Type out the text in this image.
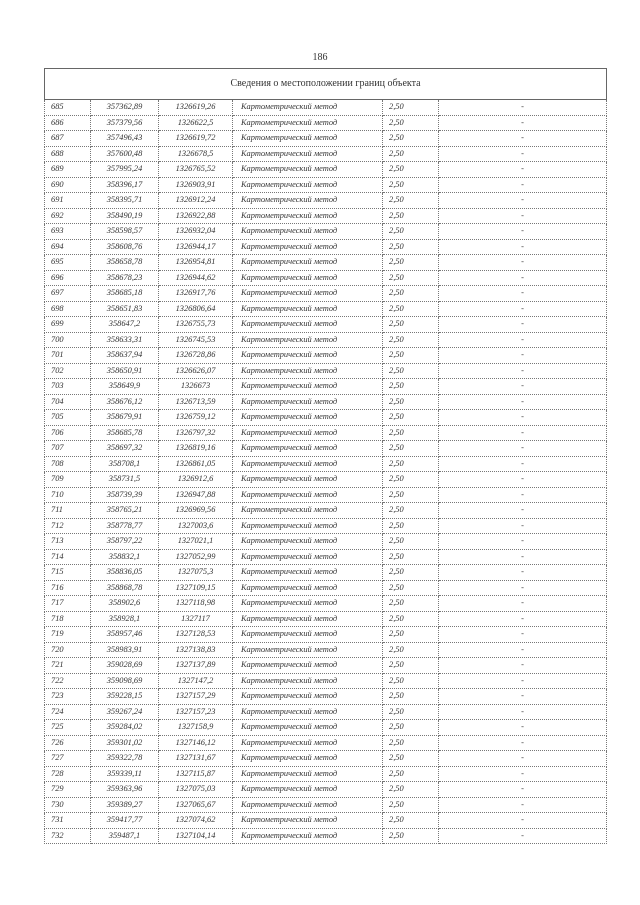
186
Сведения о местоположении границ объекта					
685	357362,89	1326619,26	Картометрический метод	2,50	-
686	357379,56	1326622,5	Картометрический метод	2,50	-
687	357496,43	1326619,72	Картометрический метод	2,50	-
688	357600,48	1326678,5	Картометрический метод	2,50	-
689	357995,24	1326765,52	Картометрический метод	2,50	-
690	358396,17	1326903,91	Картометрический метод	2,50	-
691	358395,71	1326912,24	Картометрический метод	2,50	-
692	358490,19	1326922,88	Картометрический метод	2,50	-
693	358598,57	1326932,04	Картометрический метод	2,50	-
694	358608,76	1326944,17	Картометрический метод	2,50	-
695	358658,78	1326954,81	Картометрический метод	2,50	-
696	358678,23	1326944,62	Картометрический метод	2,50	-
697	358685,18	1326917,76	Картометрический метод	2,50	-
698	358651,83	1326806,64	Картометрический метод	2,50	-
699	358647,2	1326755,73	Картометрический метод	2,50	-
700	358633,31	1326745,53	Картометрический метод	2,50	-
701	358637,94	1326728,86	Картометрический метод	2,50	-
702	358650,91	1326626,07	Картометрический метод	2,50	-
703	358649,9	1326673	Картометрический метод	2,50	-
704	358676,12	1326713,59	Картометрический метод	2,50	-
705	358679,91	1326759,12	Картометрический метод	2,50	-
706	358685,78	1326797,32	Картометрический метод	2,50	-
707	358697,32	1326819,16	Картометрический метод	2,50	-
708	358708,1	1326861,05	Картометрический метод	2,50	-
709	358731,5	1326912,6	Картометрический метод	2,50	-
710	358739,39	1326947,88	Картометрический метод	2,50	-
711	358765,21	1326969,56	Картометрический метод	2,50	-
712	358778,77	1327003,6	Картометрический метод	2,50	-
713	358797,22	1327021,1	Картометрический метод	2,50	-
714	358832,1	1327052,99	Картометрический метод	2,50	-
715	358836,05	1327075,3	Картометрический метод	2,50	-
716	358868,78	1327109,15	Картометрический метод	2,50	-
717	358902,6	1327118,98	Картометрический метод	2,50	-
718	358928,1	1327117	Картометрический метод	2,50	-
719	358957,46	1327128,53	Картометрический метод	2,50	-
720	358983,91	1327138,83	Картометрический метод	2,50	-
721	359028,69	1327137,89	Картометрический метод	2,50	-
722	359098,69	1327147,2	Картометрический метод	2,50	-
723	359228,15	1327157,29	Картометрический метод	2,50	-
724	359267,24	1327157,23	Картометрический метод	2,50	-
725	359284,02	1327158,9	Картометрический метод	2,50	-
726	359301,02	1327146,12	Картометрический метод	2,50	-
727	359322,78	1327131,67	Картометрический метод	2,50	-
728	359339,11	1327115,87	Картометрический метод	2,50	-
729	359363,96	1327075,03	Картометрический метод	2,50	-
730	359389,27	1327065,67	Картометрический метод	2,50	-
731	359417,77	1327074,62	Картометрический метод	2,50	-
732	359487,1	1327104,14	Картометрический метод	2,50	-
